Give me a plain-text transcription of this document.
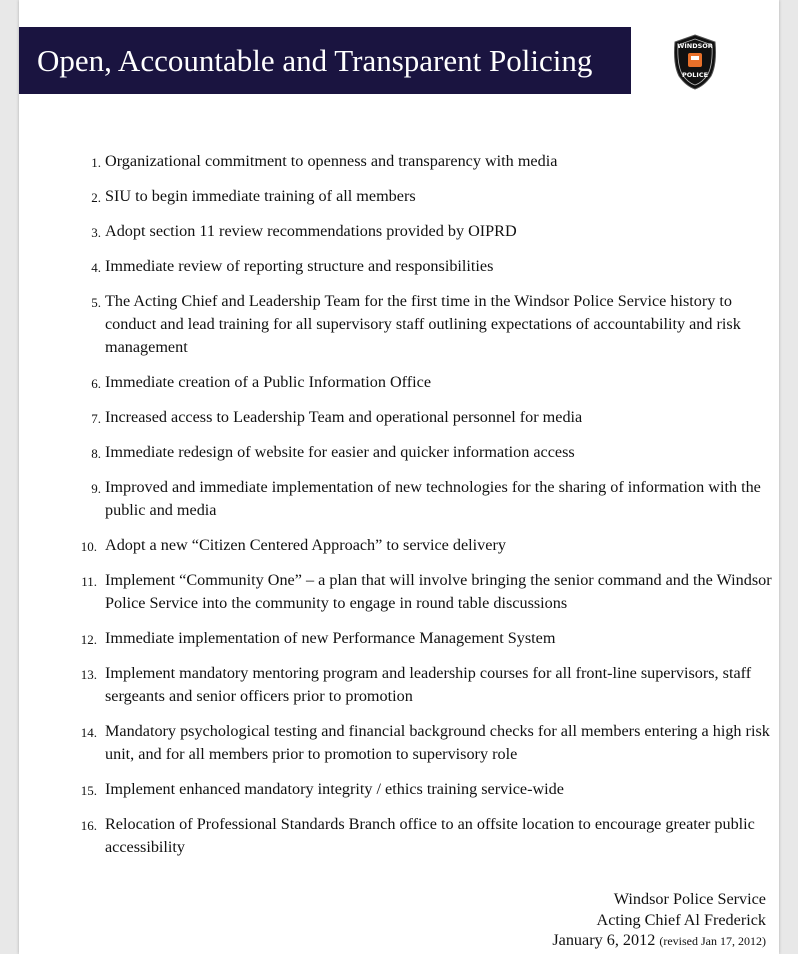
Open, Accountable and Transparent Policing	WINDSOR
POLICE
1. Organizational commitment to openness and transparency with media
2. SIU to begin immediate training of all members
3. Adopt section 11 review recommendations provided by OIPRD
4. Immediate review of reporting structure and responsibilities
5. The Acting Chief and Leadership Team for the first time in the Windsor Police Service history to conduct and lead training for all supervisory staff outlining expectations of accountability and risk management
6. Immediate creation of a Public Information Office
7. Increased access to Leadership Team and operational personnel for media
8. Immediate redesign of website for easier and quicker information access
9. Improved and immediate implementation of new technologies for the sharing of information with the public and media
10. Adopt a new “Citizen Centered Approach” to service delivery
11. Implement “Community One” – a plan that will involve bringing the senior command and the Windsor Police Service into the community to engage in round table discussions
12. Immediate implementation of new Performance Management System
13. Implement mandatory mentoring program and leadership courses for all front-line supervisors, staff sergeants and senior officers prior to promotion
14. Mandatory psychological testing and financial background checks for all members entering a high risk unit, and for all members prior to promotion to supervisory role
15. Implement enhanced mandatory integrity / ethics training service-wide
16. Relocation of Professional Standards Branch office to an offsite location to encourage greater public accessibility
Windsor Police Service
Acting Chief Al Frederick
January 6, 2012 (revised Jan 17, 2012)
